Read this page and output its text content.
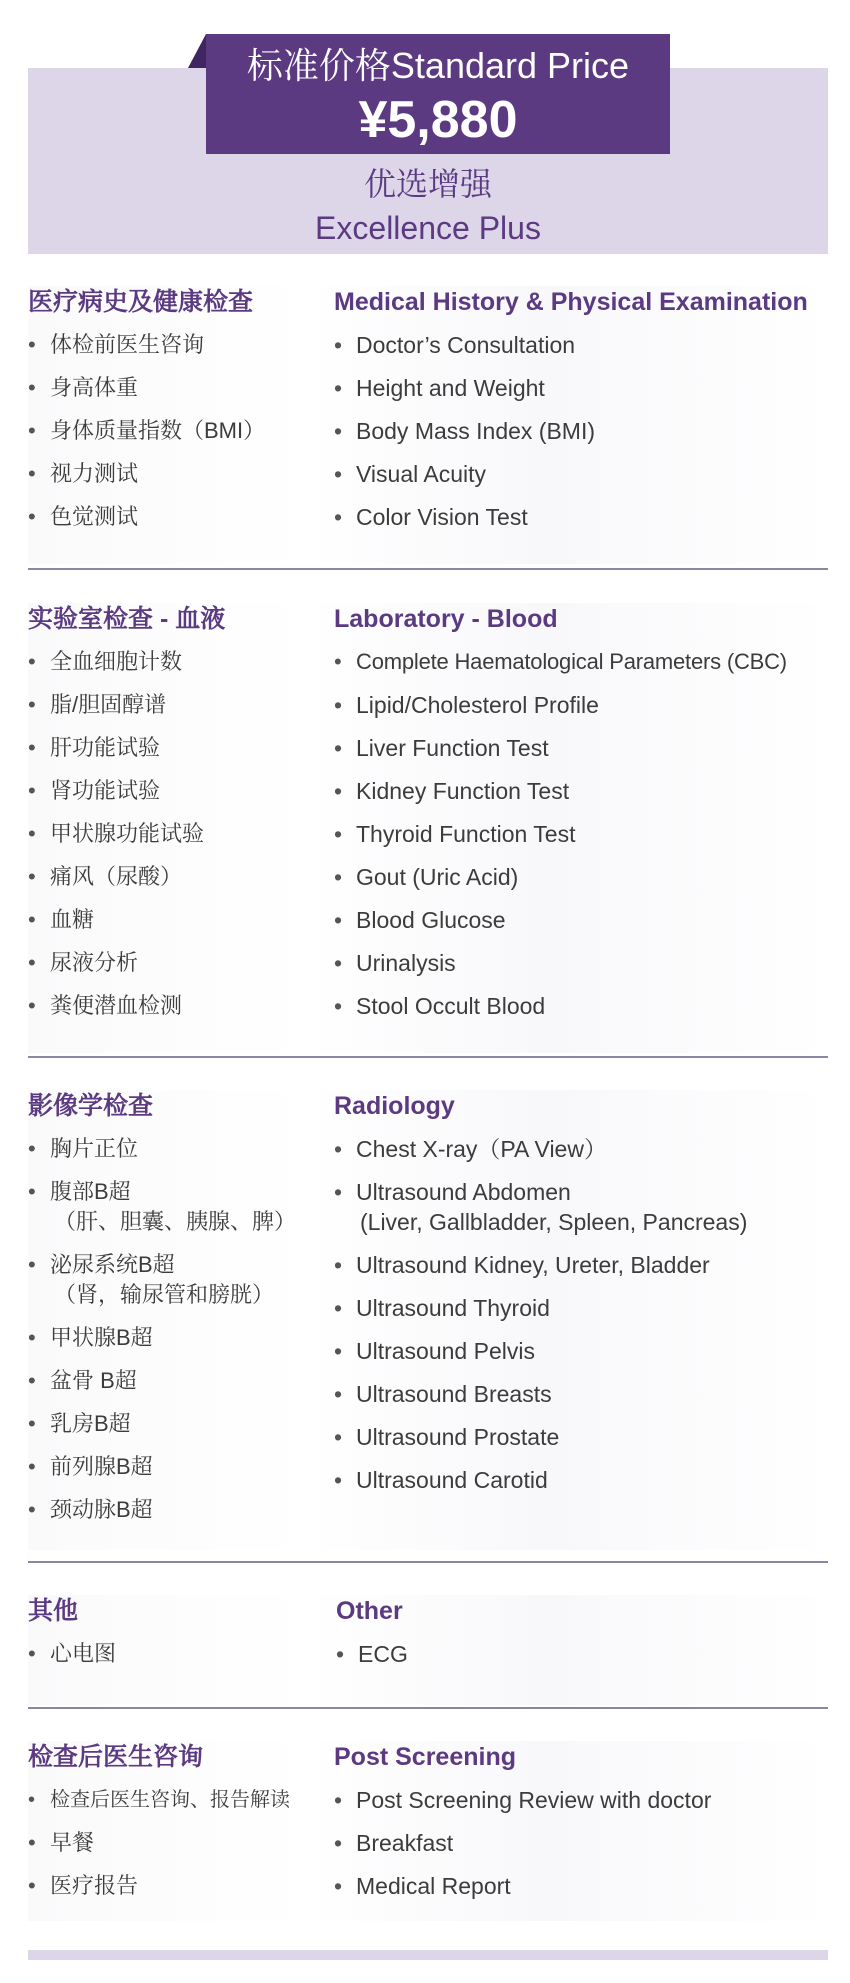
标准价格Standard Price
¥5,880
优选增强
Excellence Plus
医疗病史及健康检查
• 体检前医生咨询
• 身高体重
• 身体质量指数（BMI）
• 视力测试
• 色觉测试
Medical History & Physical Examination
• Doctor’s Consultation
• Height and Weight
• Body Mass Index (BMI)
• Visual Acuity
• Color Vision Test
实验室检查 - 血液
• 全血细胞计数
• 脂/胆固醇谱
• 肝功能试验
• 肾功能试验
• 甲状腺功能试验
• 痛风（尿酸）
• 血糖
• 尿液分析
• 粪便潜血检测
Laboratory - Blood
• Complete Haematological Parameters (CBC)
• Lipid/Cholesterol Profile
• Liver Function Test
• Kidney Function Test
• Thyroid Function Test
• Gout (Uric Acid)
• Blood Glucose
• Urinalysis
• Stool Occult Blood
影像学检查
• 胸片正位
• 腹部B超
（肝、胆囊、胰腺、脾）
• 泌尿系统B超
（肾，输尿管和膀胱）
• 甲状腺B超
• 盆骨 B超
• 乳房B超
• 前列腺B超
• 颈动脉B超
Radiology
• Chest X-ray（PA View）
• Ultrasound Abdomen
(Liver, Gallbladder, Spleen, Pancreas)
• Ultrasound Kidney, Ureter, Bladder
• Ultrasound Thyroid
• Ultrasound Pelvis
• Ultrasound Breasts
• Ultrasound Prostate
• Ultrasound Carotid
其他
• 心电图
Other
• ECG
检查后医生咨询
• 检查后医生咨询、报告解读
• 早餐
• 医疗报告
Post Screening
• Post Screening Review with doctor
• Breakfast
• Medical Report
